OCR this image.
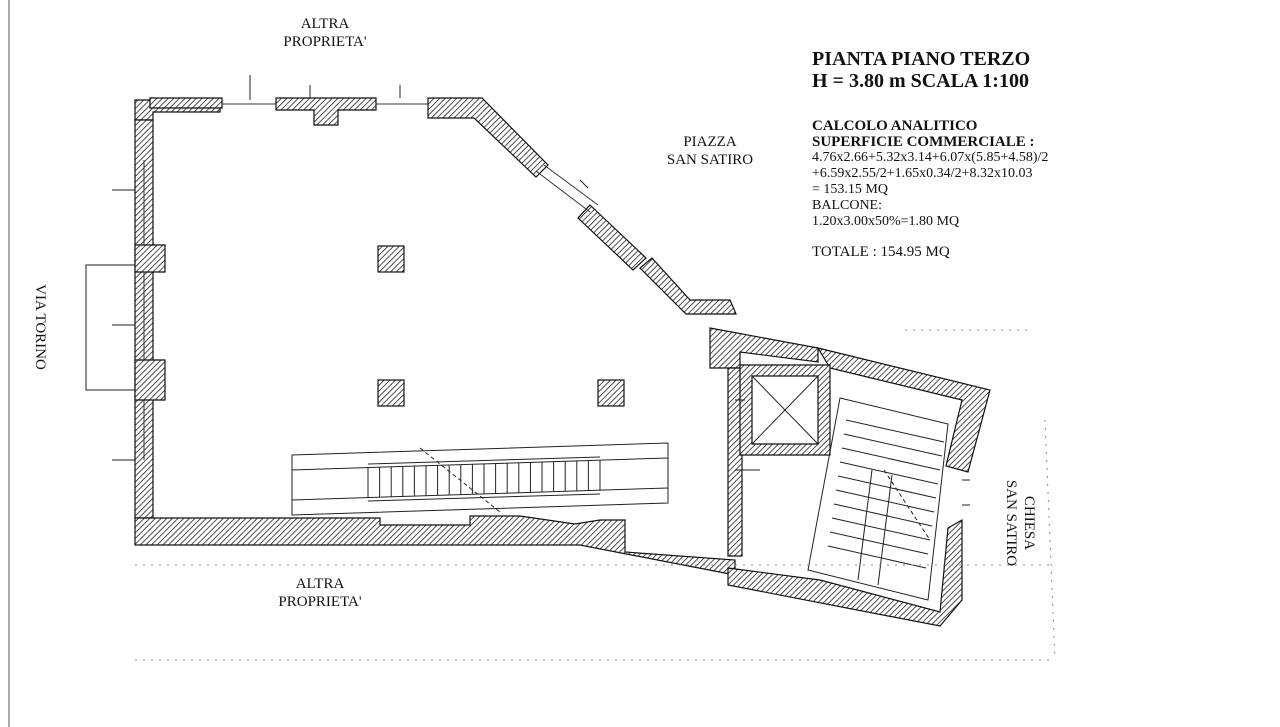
ALTRA
PROPRIETA'
ALTRA
PROPRIETA'
PIAZZA
SAN SATIRO
VIA TORINO
CHIESA
SAN SATIRO
PIANTA PIANO TERZO
H = 3.80 m SCALA 1:100
CALCOLO ANALITICO
SUPERFICIE COMMERCIALE :
4.76x2.66+5.32x3.14+6.07x(5.85+4.58)/2
+6.59x2.55/2+1.65x0.34/2+8.32x10.03
= 153.15 MQ
BALCONE:
1.20x3.00x50%=1.80 MQ
TOTALE : 154.95 MQ
